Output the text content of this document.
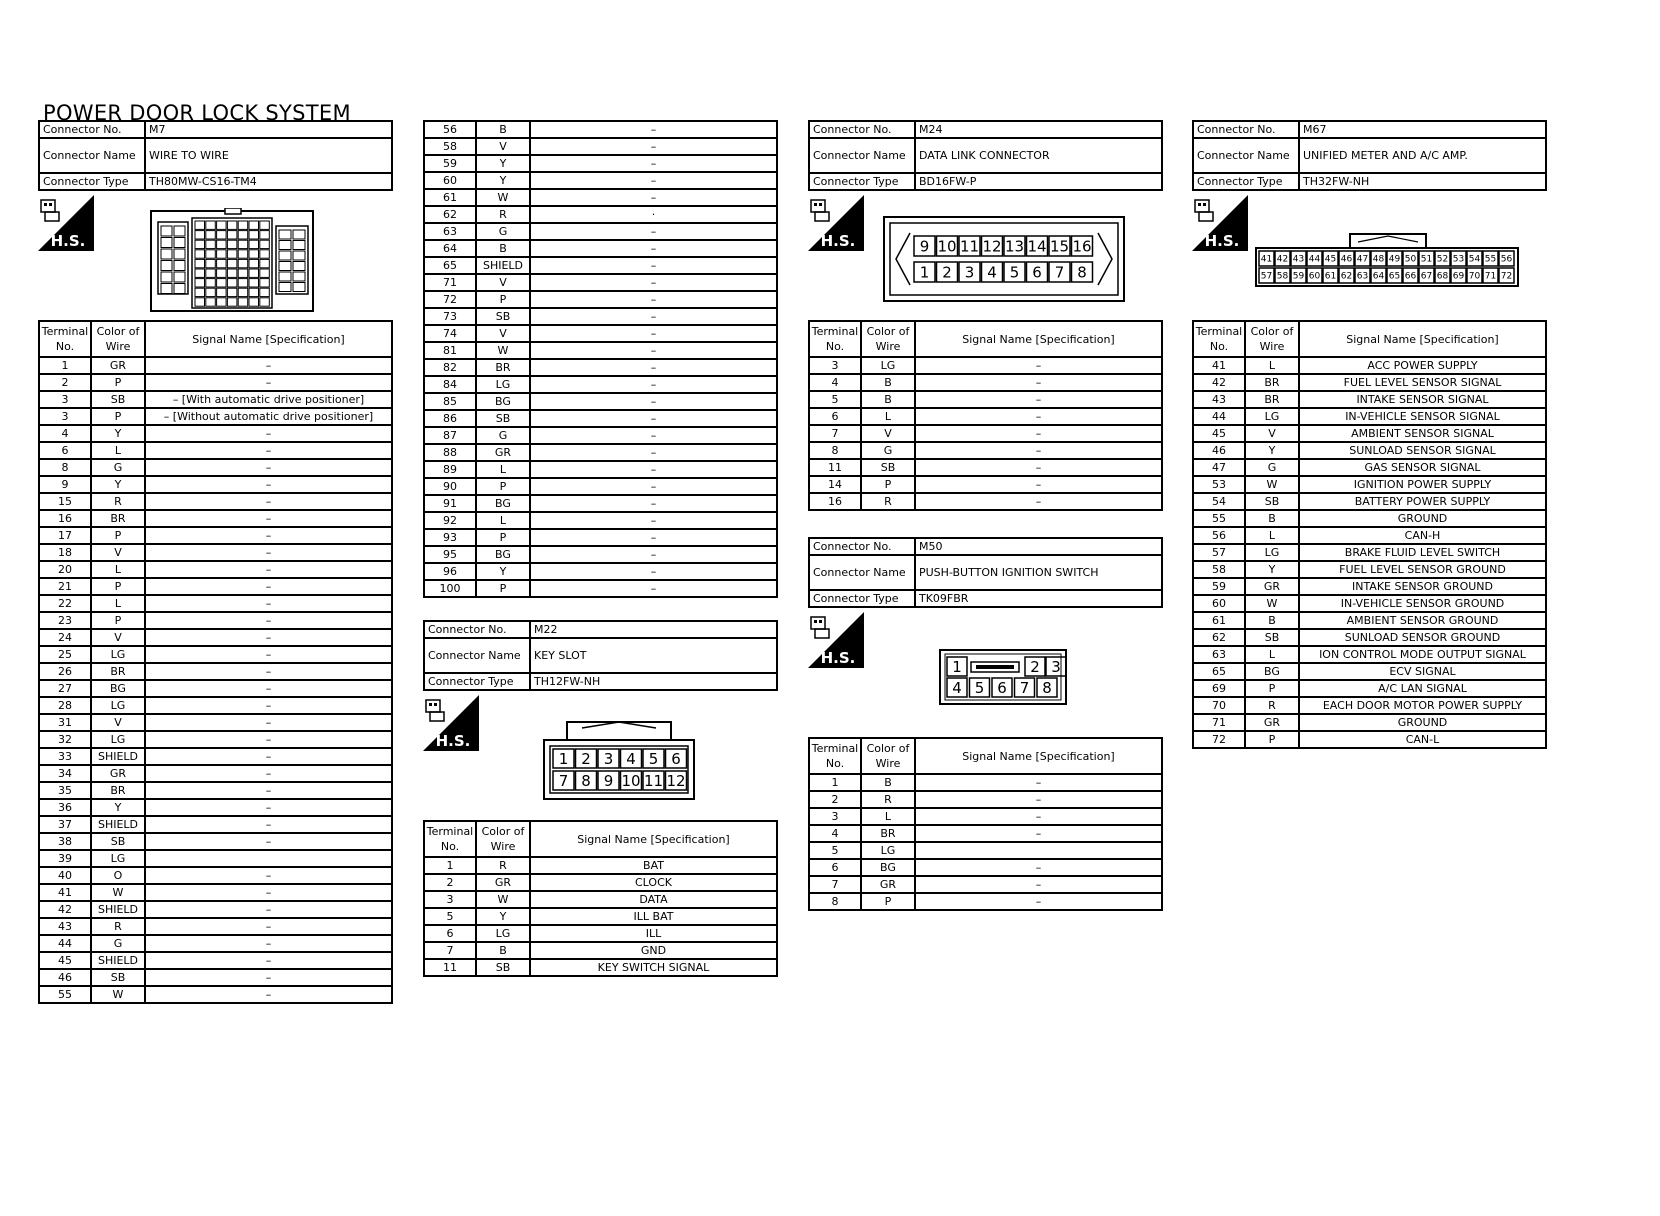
POWER DOOR LOCK SYSTEM
Connector No.	M7
Connector Name	WIRE TO WIRE
Connector Type	TH80MW-CS16-TM4
H.S.
Terminal No.	Color of Wire	Signal Name [Specification]
1	GR	–
2	P	–
3	SB	– [With automatic drive positioner]
3	P	– [Without automatic drive positioner]
4	Y	–
6	L	–
8	G	–
9	Y	–
15	R	–
16	BR	–
17	P	–
18	V	–
20	L	–
21	P	–
22	L	–
23	P	–
24	V	–
25	LG	–
26	BR	–
27	BG	–
28	LG	–
31	V	–
32	LG	–
33	SHIELD	–
34	GR	–
35	BR	–
36	Y	–
37	SHIELD	–
38	SB	–
39	LG	
40	O	–
41	W	–
42	SHIELD	–
43	R	–
44	G	–
45	SHIELD	–
46	SB	–
55	W	–
56	B	–
58	V	–
59	Y	–
60	Y	–
61	W	–
62	R	·
63	G	–
64	B	–
65	SHIELD	–
71	V	–
72	P	–
73	SB	–
74	V	–
81	W	–
82	BR	–
84	LG	–
85	BG	–
86	SB	–
87	G	–
88	GR	–
89	L	–
90	P	–
91	BG	–
92	L	–
93	P	–
95	BG	–
96	Y	–
100	P	–
Connector No.	M22
Connector Name	KEY SLOT
Connector Type	TH12FW-NH
H.S.
1 2 3 4 5 6
7 8 9 10 11 12
Terminal No.	Color of Wire	Signal Name [Specification]
1	R	BAT
2	GR	CLOCK
3	W	DATA
5	Y	ILL BAT
6	LG	ILL
7	B	GND
11	SB	KEY SWITCH SIGNAL
Connector No.	M24
Connector Name	DATA LINK CONNECTOR
Connector Type	BD16FW-P
H.S.	9 10 11 12 13 14 15 16
1 2 3 4 5 6 7 8
Terminal No.	Color of Wire	Signal Name [Specification]
3	LG	–
4	B	–
5	B	–
6	L	–
7	V	–
8	G	–
11	SB	–
14	P	–
16	R	–
Connector No.	M50
Connector Name	PUSH-BUTTON IGNITION SWITCH
Connector Type	TK09FBR
H.S.	1	2 3
4 5 6 7 8
Terminal No.	Color of Wire	Signal Name [Specification]
1	B	–
2	R	–
3	L	–
4	BR	–
5	LG	
6	BG	–
7	GR	–
8	P	–
Connector No.	M67
Connector Name	UNIFIED METER AND A/C AMP.
Connector Type	TH32FW-NH
H.S.
41 42 43 44 45 46 47 48 49 50 51 52 53 54 55 56
57 58 59 60 61 62 63 64 65 66 67 68 69 70 71 72
Terminal No.	Color of Wire	Signal Name [Specification]
41	L	ACC POWER SUPPLY
42	BR	FUEL LEVEL SENSOR SIGNAL
43	BR	INTAKE SENSOR SIGNAL
44	LG	IN-VEHICLE SENSOR SIGNAL
45	V	AMBIENT SENSOR SIGNAL
46	Y	SUNLOAD SENSOR SIGNAL
47	G	GAS SENSOR SIGNAL
53	W	IGNITION POWER SUPPLY
54	SB	BATTERY POWER SUPPLY
55	B	GROUND
56	L	CAN-H
57	LG	BRAKE FLUID LEVEL SWITCH
58	Y	FUEL LEVEL SENSOR GROUND
59	GR	INTAKE SENSOR GROUND
60	W	IN-VEHICLE SENSOR GROUND
61	B	AMBIENT SENSOR GROUND
62	SB	SUNLOAD SENSOR GROUND
63	L	ION CONTROL MODE OUTPUT SIGNAL
65	BG	ECV SIGNAL
69	P	A/C LAN SIGNAL
70	R	EACH DOOR MOTOR POWER SUPPLY
71	GR	GROUND
72	P	CAN-L
